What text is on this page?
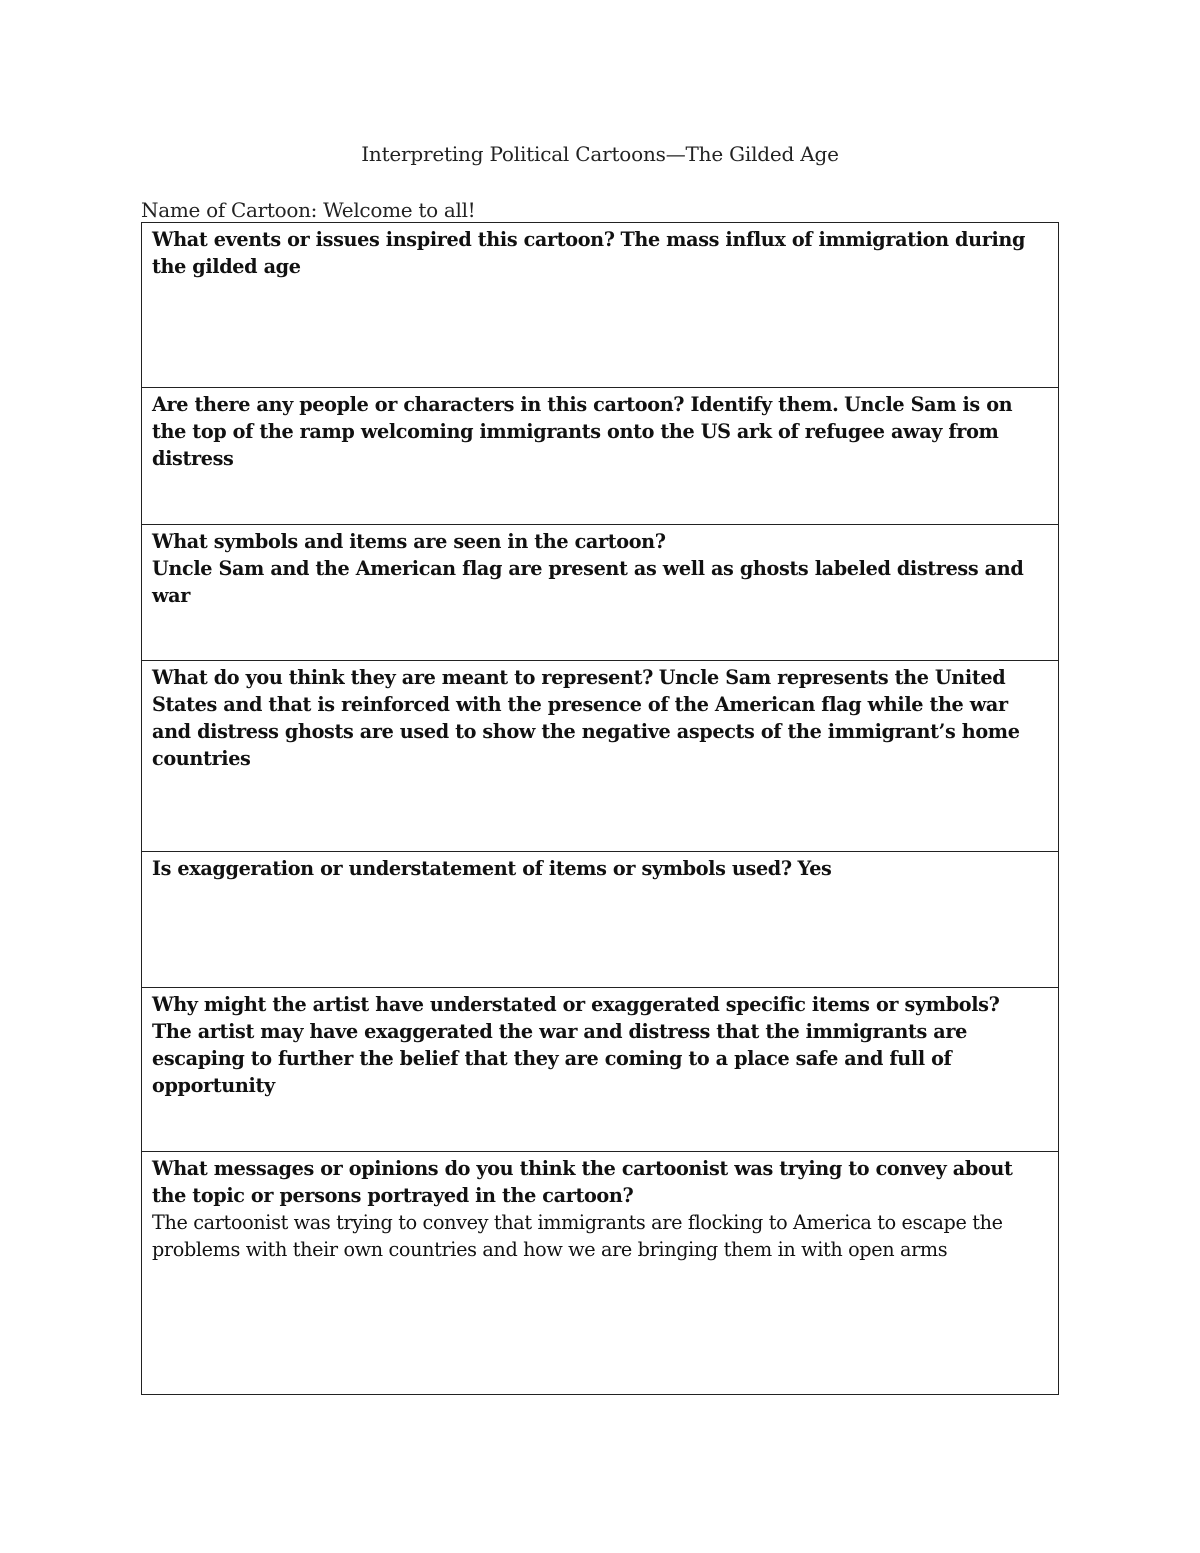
Interpreting Political Cartoons—The Gilded Age
Name of Cartoon: Welcome to all!
What events or issues inspired this cartoon? The mass influx of immigration during the gilded age
Are there any people or characters in this cartoon? Identify them. Uncle Sam is on the top of the ramp welcoming immigrants onto the US ark of refugee away from distress
What symbols and items are seen in the cartoon?
Uncle Sam and the American flag are present as well as ghosts labeled distress and war
What do you think they are meant to represent? Uncle Sam represents the United States and that is reinforced with the presence of the American flag while the war and distress ghosts are used to show the negative aspects of the immigrant’s home countries
Is exaggeration or understatement of items or symbols used? Yes
Why might the artist have understated or exaggerated specific items or symbols?
The artist may have exaggerated the war and distress that the immigrants are escaping to further the belief that they are coming to a place safe and full of opportunity
What messages or opinions do you think the cartoonist was trying to convey about the topic or persons portrayed in the cartoon?
The cartoonist was trying to convey that immigrants are flocking to America to escape the problems with their own countries and how we are bringing them in with open arms
